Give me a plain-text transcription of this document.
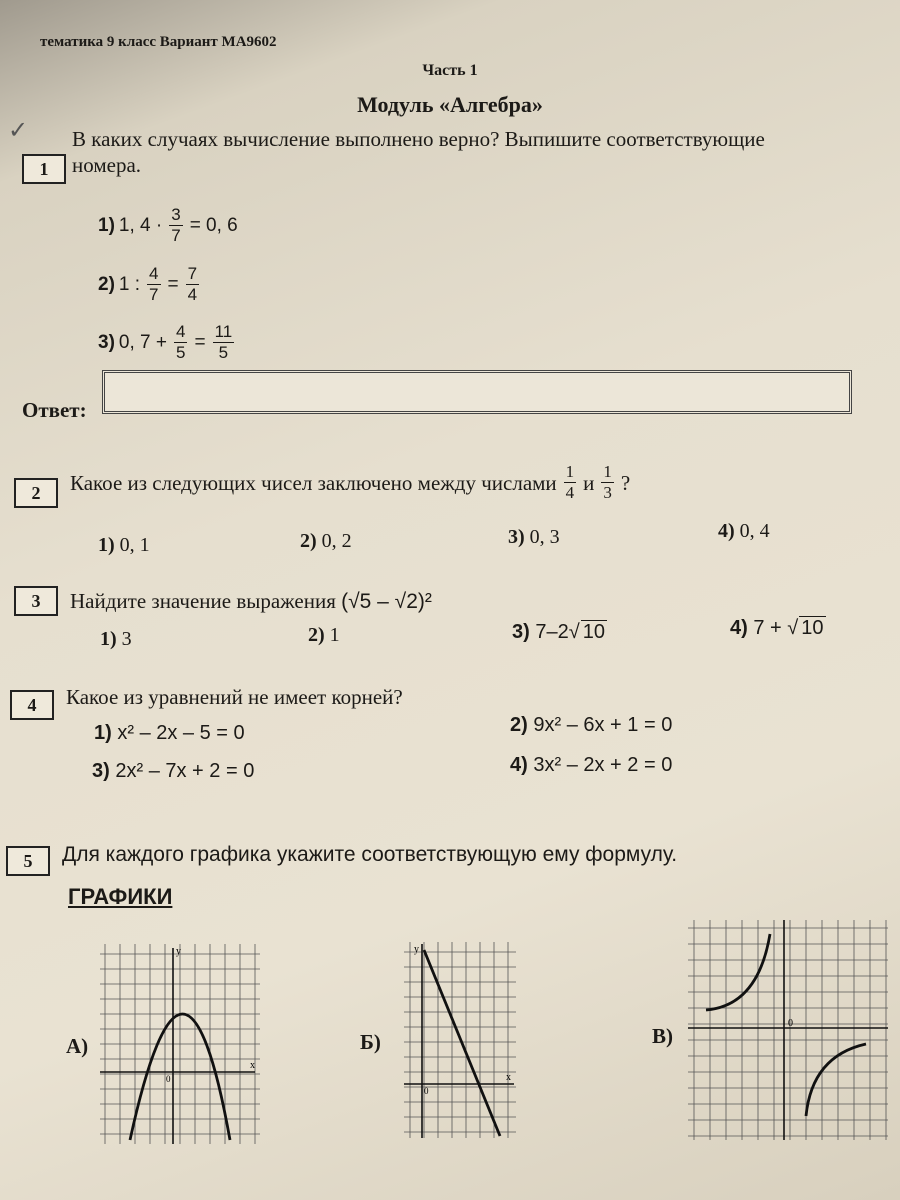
тематика 9 класс Вариант МА9602
Часть 1
Модуль «Алгебра»
✓
1
В каких случаях вычисление выполнено верно? Выпишите соответствующие
номера.
1) 1, $4 \cdot \frac{3}{7} = 0$, 6
2) 1 : $\frac{4}{7} = \frac{7}{4}$
3) 0, $7 + \frac{4}{5} = \frac{11}{5}$
Ответ:
2	Какое из следующих чисел заключено между числами $\frac{1}{4}$ и $\frac{1}{3}$ ?
1) 0, 1	2) 0, 2	3) 0, 3	4) 0, 4
3	Найдите значение выражения (√5 – √2)²
1) 3	2) 1	3) 7–2 √ 10	4) 7 + √ 10
4	Какое из уравнений не имеет корней?
1) x² – 2x – 5 = 0	2) 9x² – 6x + 1 = 0
3) 2x² – 7x + 2 = 0	4) 3x² – 2x + 2 = 0
5	Для каждого графика укажите соответствующую ему формулу.
ГРАФИКИ
А)	Б)	В)
x
y
0	x
y
0
0
